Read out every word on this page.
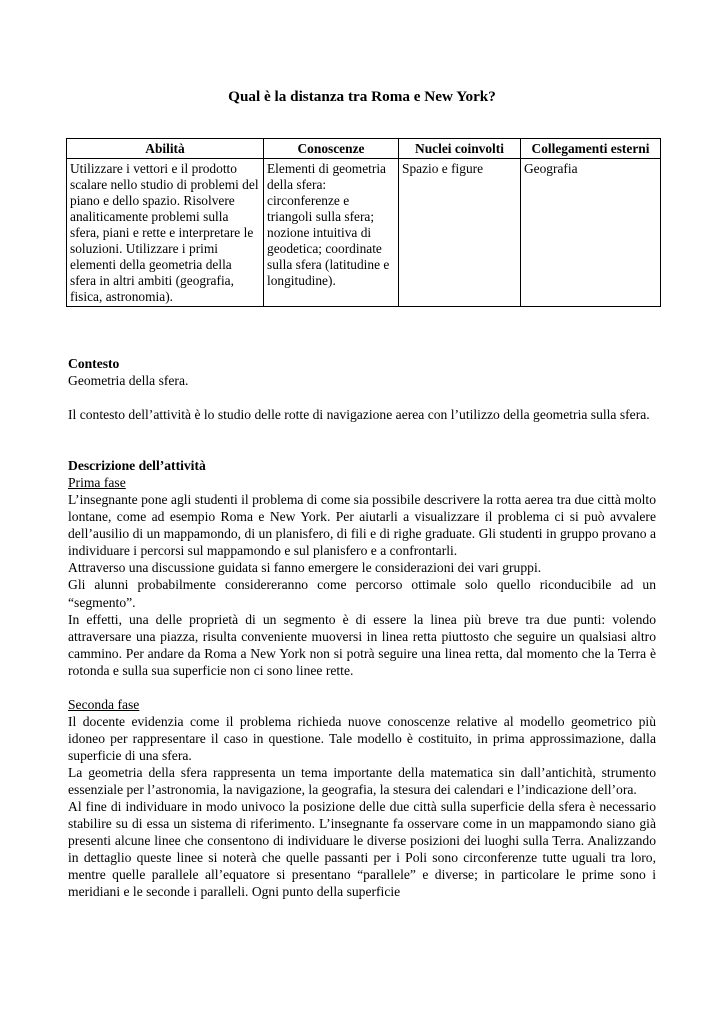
Qual è la distanza tra Roma e New York?
Abilità	Conoscenze	Nuclei coinvolti	Collegamenti esterni
Utilizzare i vettori e il prodotto scalare nello studio di problemi del piano e dello spazio. Risolvere analiticamente problemi sulla sfera, piani e rette e interpretare le soluzioni. Utilizzare i primi elementi della geometria della sfera in altri ambiti (geografia, fisica, astronomia).	Elementi di geometria della sfera: circonferenze e triangoli sulla sfera; nozione intuitiva di geodetica; coordinate sulla sfera (latitudine e longitudine).	Spazio e figure	Geografia

Contesto

Geometria della sfera.

Il contesto dell’attività è lo studio delle rotte di navigazione aerea con l’utilizzo della geometria sulla sfera.

Descrizione dell’attività

Prima fase

L’insegnante pone agli studenti il problema di come sia possibile descrivere la rotta aerea tra due città molto lontane, come ad esempio Roma e New York. Per aiutarli a visualizzare il problema ci si può avvalere dell’ausilio di un mappamondo, di un planisfero, di fili e di righe graduate. Gli studenti in gruppo provano a individuare i percorsi sul mappamondo e sul planisfero e a confrontarli.

Attraverso una discussione guidata si fanno emergere le considerazioni dei vari gruppi.

Gli alunni probabilmente considereranno come percorso ottimale solo quello riconducibile ad un “segmento”.

In effetti, una delle proprietà di un segmento è di essere la linea più breve tra due punti: volendo attraversare una piazza, risulta conveniente muoversi in linea retta piuttosto che seguire un qualsiasi altro cammino. Per andare da Roma a New York non si potrà seguire una linea retta, dal momento che la Terra è rotonda e sulla sua superficie non ci sono linee rette.

Seconda fase

Il docente evidenzia come il problema richieda nuove conoscenze relative al modello geometrico più idoneo per rappresentare il caso in questione. Tale modello è costituito, in prima approssimazione, dalla superficie di una sfera.

La geometria della sfera rappresenta un tema importante della matematica sin dall’antichità, strumento essenziale per l’astronomia, la navigazione, la geografia, la stesura dei calendari e l’indicazione dell’ora.

Al fine di individuare in modo univoco la posizione delle due città sulla superficie della sfera è necessario stabilire su di essa un sistema di riferimento. L’insegnante fa osservare come in un mappamondo siano già presenti alcune linee che consentono di individuare le diverse posizioni dei luoghi sulla Terra. Analizzando in dettaglio queste linee si noterà che quelle passanti per i Poli sono circonferenze tutte uguali tra loro, mentre quelle parallele all’equatore si presentano “parallele” e diverse; in particolare le prime sono i meridiani e le seconde i paralleli. Ogni punto della superficie
